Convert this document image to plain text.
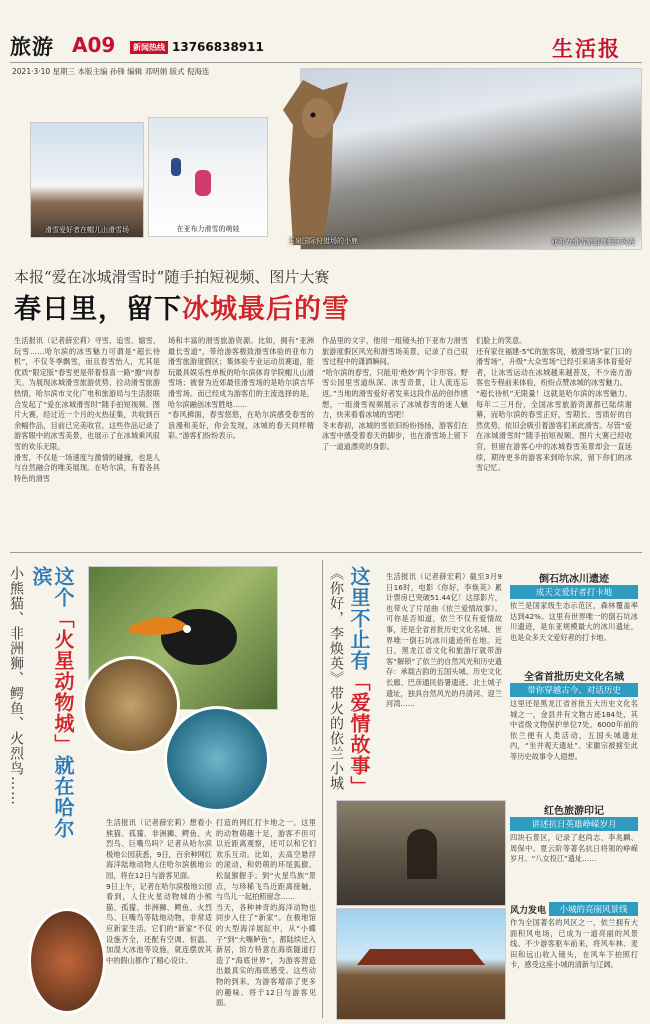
旅游 A09	新闻热线 13766838911	生活报
2021·3·10 星期三 本版主编 孙锋 编辑 邓明娟 版式 倪海连
滑雪爱好者在帽儿山滑雪场	在亚布力滑雪的萌娃
玉泉国际狩猎场的小鹿	亚布力滑雪旅游度假区风光
本报“爱在冰城滑雪时”随手拍短视频、图片大赛
春日里，留下冰城最后的雪

生活报讯（记者薛宏莉）寻雪、追雪、嬉雪、玩雪……哈尔滨的冰雪魅力可谓是“超长待机”，不仅冬季飘雪，而且春雪怡人，尤其是优质“限定版”春雪更是带着惊喜一路“撩”向春天。为展现冰城滑雪旅游优势，拉动滑雪旅游热情，哈尔滨市文化广电和旅游局与生活报联合发起了“爱在冰城滑雪时”随手拍短视频、图片大赛，经过近一个月的火热征集，共收到百余幅作品，目前已完美收官，这些作品记录了游客眼中的冰雪美景，也展示了在冰城乘风驭雪的欢乐无限。
滑雪，不仅是一场速度与激情的碰撞，也是人与自然融合的唯美展现。在哈尔滨，有着各具特色的滑雪

场和丰富的滑雪旅游资源。比如，拥有“亚洲最长雪道”，带给游客极致滑雪体验的亚布力滑雪旅游度假区；集体验专业运动员赛道，能玩最具娱乐性单板的哈尔滨体育学院帽儿山滑雪场；被誉为近郊最佳滑雪场的是哈尔滨吉华滑雪场。而已经成为游客们的主流选择的是，哈尔滨融创冰雪胜地……
“春风拂面，春雪悠悠，在哈尔滨感受春雪的浪漫和美好，你会发现，冰城的春天同样精彩。”游客们纷纷表示。

作品里的文字，他用一组镜头拍下亚布力滑雪旅游度假区风光和滑雪场美景，记录了自己驭雪过程中的潇洒瞬间。
“哈尔滨的春雪，只能用‘绝妙’两个字形容。野雪公园里雪道纵深、冰雪奇景，让人流连忘返。”当地的滑雪爱好者发来这段作品的创作感想，一组滑雪视频展示了冰城春雪的迷人魅力，快来看看冰城的雪吧！
冬末春初，冰城的雪依旧纷纷扬扬，游客们在冰雪中感受着春天的脚步，也在滑雪场上留下了一道道漂亮的身影。

们脸上的笑意。
还有家住福建-5℃的旅客说，被滑雪场“家门口的滑雪场”，升级“大众雪场”已经引来诸多体育爱好者，让冰雪运动在冰城越来越普及，不少南方游客也专程前来体验，纷纷点赞冰城的冰雪魅力。
“超长待机”无限量！这就是哈尔滨的冰雪魅力。每年二三月份，全国冰雪旅游资源都已陆续谢幕，而哈尔滨的春雪正好，雪期长、雪质好的自然优势，依旧会吸引着游客们来此滑雪。尽管“爱在冰城滑雪时”随手拍短视频、图片大赛已经收官，但留在游客心中的冰城春雪美景却会一直延续，期待更多的游客来到哈尔滨，留下你们的冰雪记忆。

这个「火星动物城」就在哈尔滨
小熊猫、非洲狮、鳄鱼、火烈鸟……

生活报讯（记者薛宏莉）想看小熊猫、孤獴、非洲狮、鳄鱼、火烈鸟、巨嘴鸟吗？记者从哈尔滨极地公园获悉，9日，百余种网红海洋陆地动物人住哈尔滨极地公园，将在12日与游客见面。
9日上午，记者在哈尔滨极地公园看到，人住火星动物城的小熊猫、孤獴、非洲狮、鳄鱼、火烈鸟、巨嘴鸟等陆地动物，非常适应新家生活。它们的“新家”不仅设施齐全，还配有空调、恒温、加湿大冰池等设施，就连摆放其中的假山都作了精心设计。

打造的网红打卡地之一。这里的动物萌趣十足，游客不但可以近距离观察，还可以和它们欢乐互动。比如，去高空悬浮的滚动，和奶萌的环尾狐猴、松鼠猴握手；到“火星鸟族”景点，与珍稀飞鸟近距离接触，与鸟儿一起拍照留念……
当天，各种神奇的海洋动物也同步入住了“新家”。在极地馆的大型海洋展缸中，从“小蝶子”到“大嘴鲈鱼”，都陆续迁入新居，馆方特意在海底隧道打造了“海底世界”，为游客营造出最真实的海底感受。这些动物的到来，为游客增添了更多的趣味。将于12日与游客见面。

这里不止有「爱情故事」
《你好，李焕英》带火的依兰小城	生活报讯（记者薛宏莉）截至3月9日16时，电影《你好，李焕英》累计票房已突破51.44亿！这部影片，也带火了片尾曲《依兰爱情故事》。可你是否知道，依兰不仅有爱情故事，还是全省首批历史文化名城、世界唯一倒石坑冰川遗迹所在地。近日，黑龙江省文化和旅游厅就带游客“解锁”了依兰的自然风光和历史遗存：承载古韵的五国头城、历史文化长廊、巴彦通民俗暑遗迹、北土城子遗址，独具自然风光的丹清河、迎兰河湾……

倒石坑冰川遗迹
成天文爱好者打卡地

依兰是国家级生态示范区，森林覆盖率达到42%。这里有世界唯一的倒石坑冰川遗迹，是东亚规模最大的冰川遗址，也是众多天文爱好者的打卡地。

全省首批历史文化名城
带你穿越古今、对话历史

这里还是黑龙江省首批五大历史文化名城之一，金县并有文物古迹184处，其中省级文物保护单位7处。6000年前的依兰便有人类活动，五国头城遗址内，“坐井观天遗址”、宋徽宗被掳至此等历史故事令人遐想。

红色旅游印记
讲述抗日英雄峥嵘岁月

四块石景区，记录了赵尚志、李兆麟、周保中、夏云阶等著名抗日将领的峥嵘岁月。“八女投江”遗址……

风力发电	小城的亮丽风景线

作为全国著名的风区之一，依兰拥有大面积风电场，已成为一道亮丽的风景线。不少游客驱车前来，将风车林、麦田和远山收入镜头，在风车下拍照打卡，感受这座小城的清新与辽阔。
